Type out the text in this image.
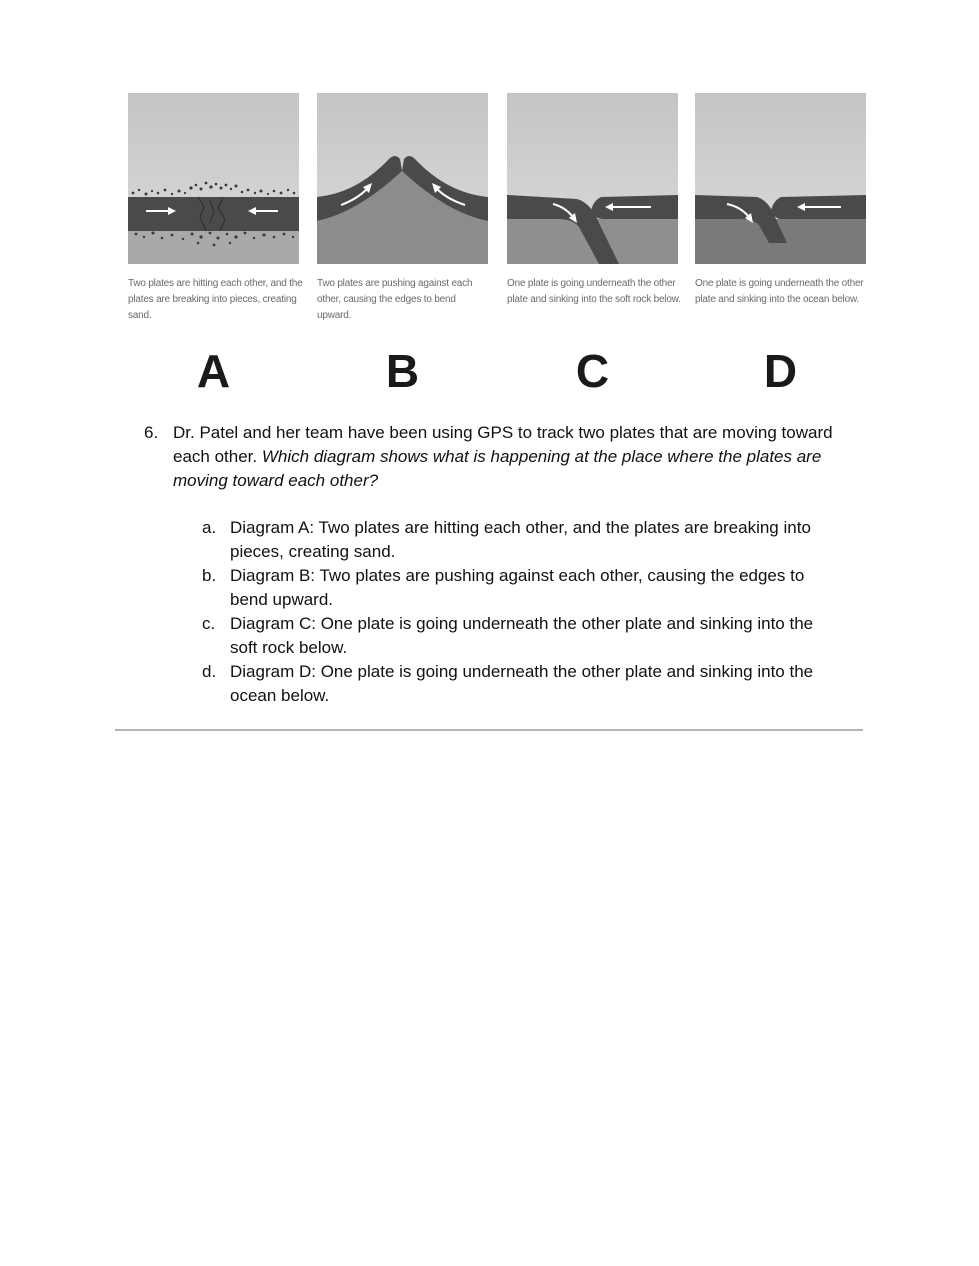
Two plates are hitting each other, and the plates are breaking into pieces, creating sand.
Two plates are pushing against each other, causing the edges to bend upward.
One plate is going underneath the other plate and sinking into the soft rock below.
One plate is going underneath the other plate and sinking into the ocean below.
A	B	C	D
6. Dr. Patel and her team have been using GPS to track two plates that are moving toward each other. Which diagram shows what is happening at the place where the plates are moving toward each other?

a. Diagram A: Two plates are hitting each other, and the plates are breaking into pieces, creating sand.

b. Diagram B: Two plates are pushing against each other, causing the edges to bend upward.

c. Diagram C: One plate is going underneath the other plate and sinking into the soft rock below.

d. Diagram D: One plate is going underneath the other plate and sinking into the ocean below.
